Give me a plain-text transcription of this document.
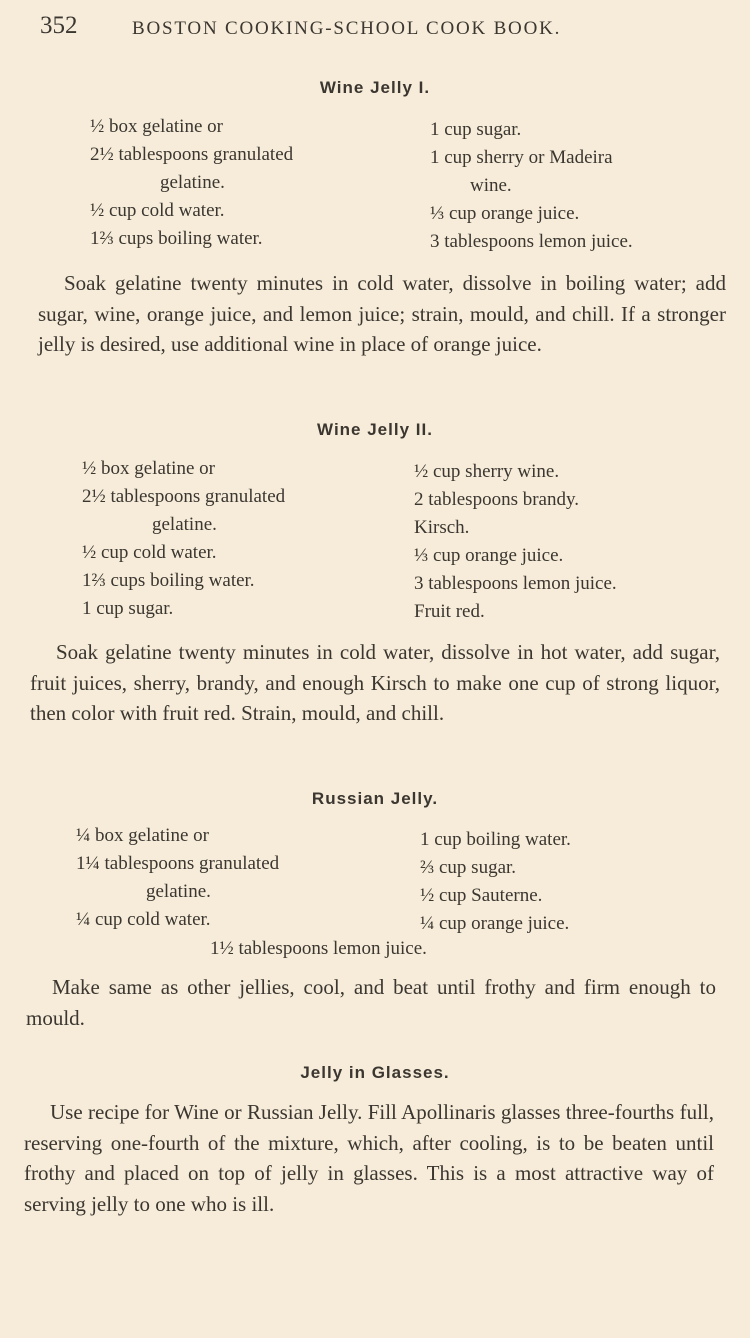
352	BOSTON COOKING-SCHOOL COOK BOOK.
Wine Jelly I.
½ box gelatine or
2½ tablespoons granulated
gelatine.
½ cup cold water.
1⅔ cups boiling water.
1 cup sugar.
1 cup sherry or Madeira
wine.
⅓ cup orange juice.
3 tablespoons lemon juice.
Soak gelatine twenty minutes in cold water, dissolve in boiling water; add sugar, wine, orange juice, and lemon juice; strain, mould, and chill. If a stronger jelly is desired, use additional wine in place of orange juice.
Wine Jelly II.
½ box gelatine or
2½ tablespoons granulated
gelatine.
½ cup cold water.
1⅔ cups boiling water.
1 cup sugar.
½ cup sherry wine.
2 tablespoons brandy.
Kirsch.
⅓ cup orange juice.
3 tablespoons lemon juice.
Fruit red.
Soak gelatine twenty minutes in cold water, dissolve in hot water, add sugar, fruit juices, sherry, brandy, and enough Kirsch to make one cup of strong liquor, then color with fruit red. Strain, mould, and chill.
Russian Jelly.
¼ box gelatine or
1¼ tablespoons granulated
gelatine.
¼ cup cold water.
1 cup boiling water.
⅔ cup sugar.
½ cup Sauterne.
¼ cup orange juice.
1½ tablespoons lemon juice.
Make same as other jellies, cool, and beat until frothy and firm enough to mould.
Jelly in Glasses.
Use recipe for Wine or Russian Jelly. Fill Apollinaris glasses three-fourths full, reserving one-fourth of the mixture, which, after cooling, is to be beaten until frothy and placed on top of jelly in glasses. This is a most attractive way of serving jelly to one who is ill.
